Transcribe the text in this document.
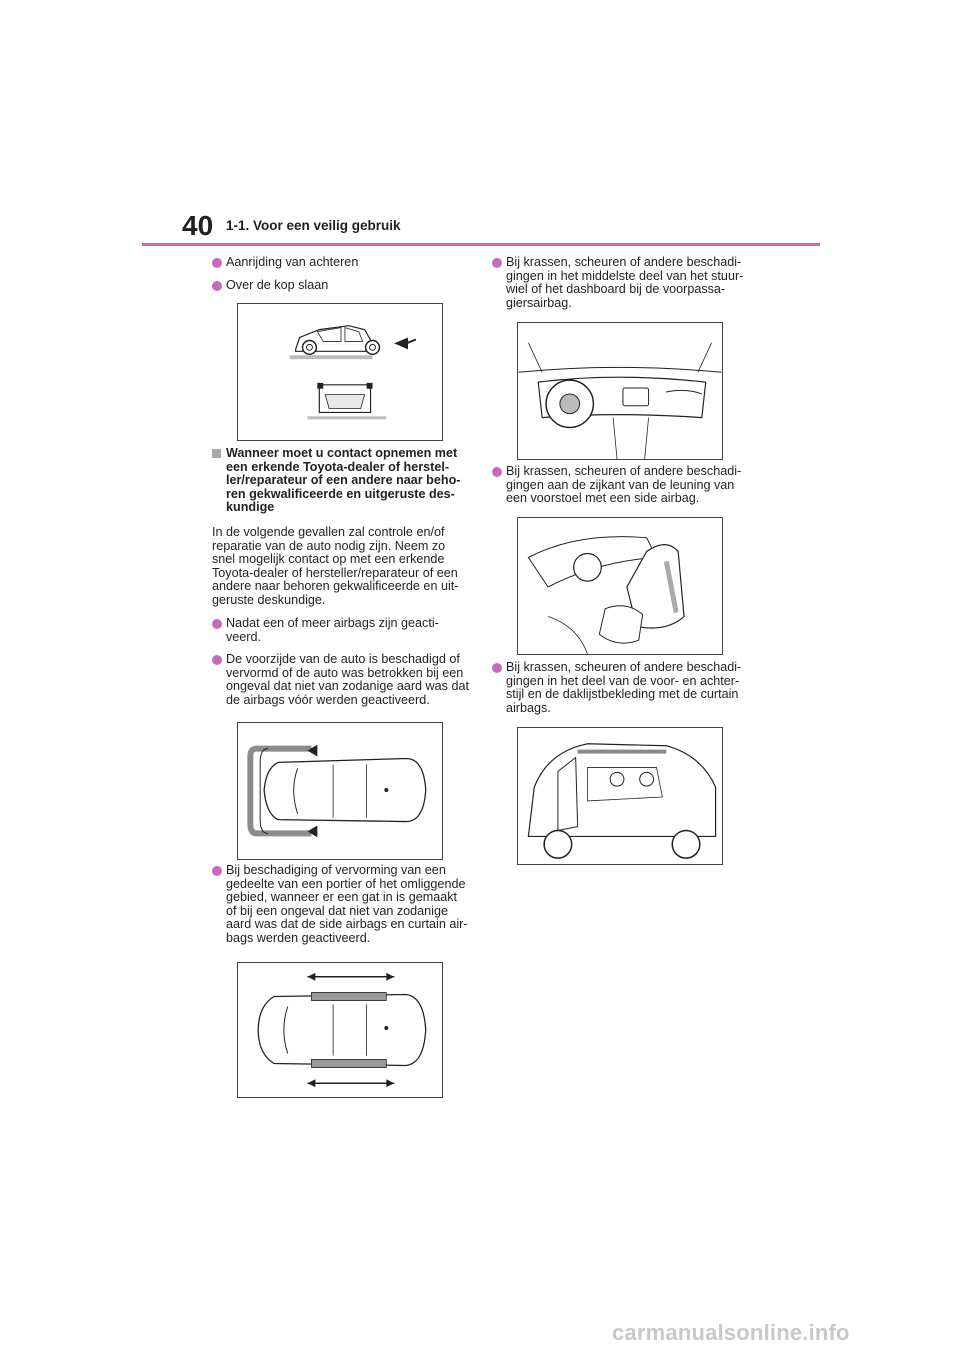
40 1-1. Voor een veilig gebruik

Aanrijding van achteren

Over de kop slaan

Wanneer moet u contact opnemen met een erkende Toyota-dealer of herstel-ler/reparateur of een andere naar beho-ren gekwalificeerde en uitgeruste des-kundige

In de volgende gevallen zal controle en/of reparatie van de auto nodig zijn. Neem zo snel mogelijk contact op met een erkende Toyota-dealer of hersteller/reparateur of een andere naar behoren gekwalificeerde en uit-geruste deskundige.

Nadat een of meer airbags zijn geacti-veerd.

De voorzijde van de auto is beschadigd of vervormd of de auto was betrokken bij een ongeval dat niet van zodanige aard was dat de airbags vóór werden geactiveerd.

Bij beschadiging of vervorming van een gedeelte van een portier of het omliggende gebied, wanneer er een gat in is gemaakt of bij een ongeval dat niet van zodanige aard was dat de side airbags en curtain air-bags werden geactiveerd.

Bij krassen, scheuren of andere beschadi-gingen in het middelste deel van het stuur-wiel of het dashboard bij de voorpassa-giersairbag.

Bij krassen, scheuren of andere beschadi-gingen aan de zijkant van de leuning van een voorstoel met een side airbag.

Bij krassen, scheuren of andere beschadi-gingen in het deel van de voor- en achter-stijl en de daklijstbekleding met de curtain airbags.

carmanualsonline.info
